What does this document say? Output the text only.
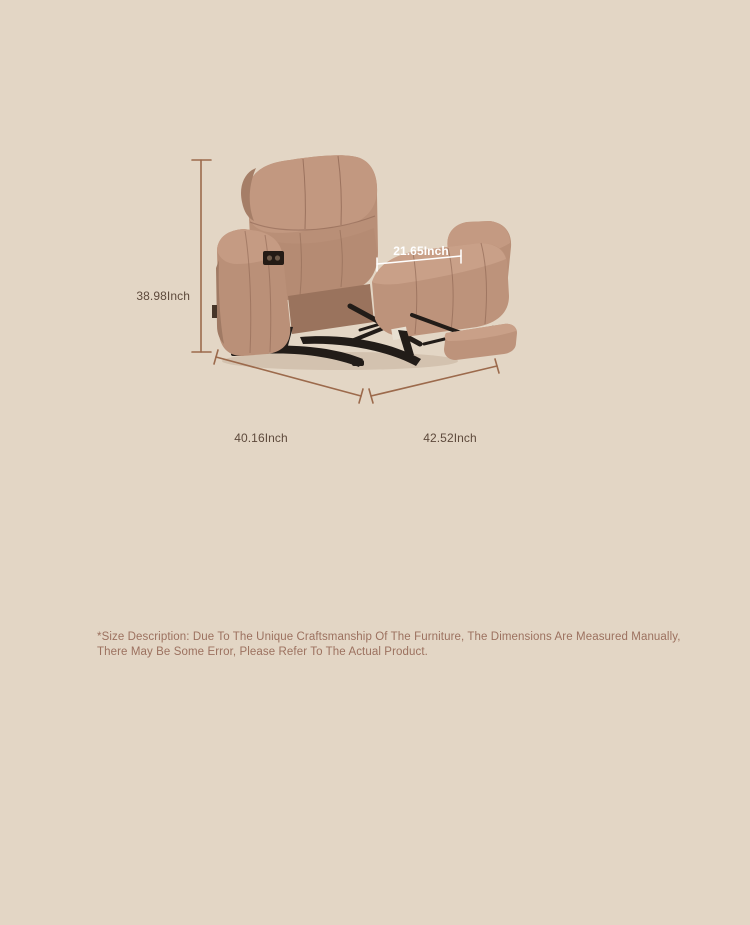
38.98Inch
40.16Inch	42.52Inch
21.65Inch

*Size Description: Due To The Unique Craftsmanship Of The Furniture, The Dimensions Are Measured Manually, There May Be Some Error, Please Refer To The Actual Product.
